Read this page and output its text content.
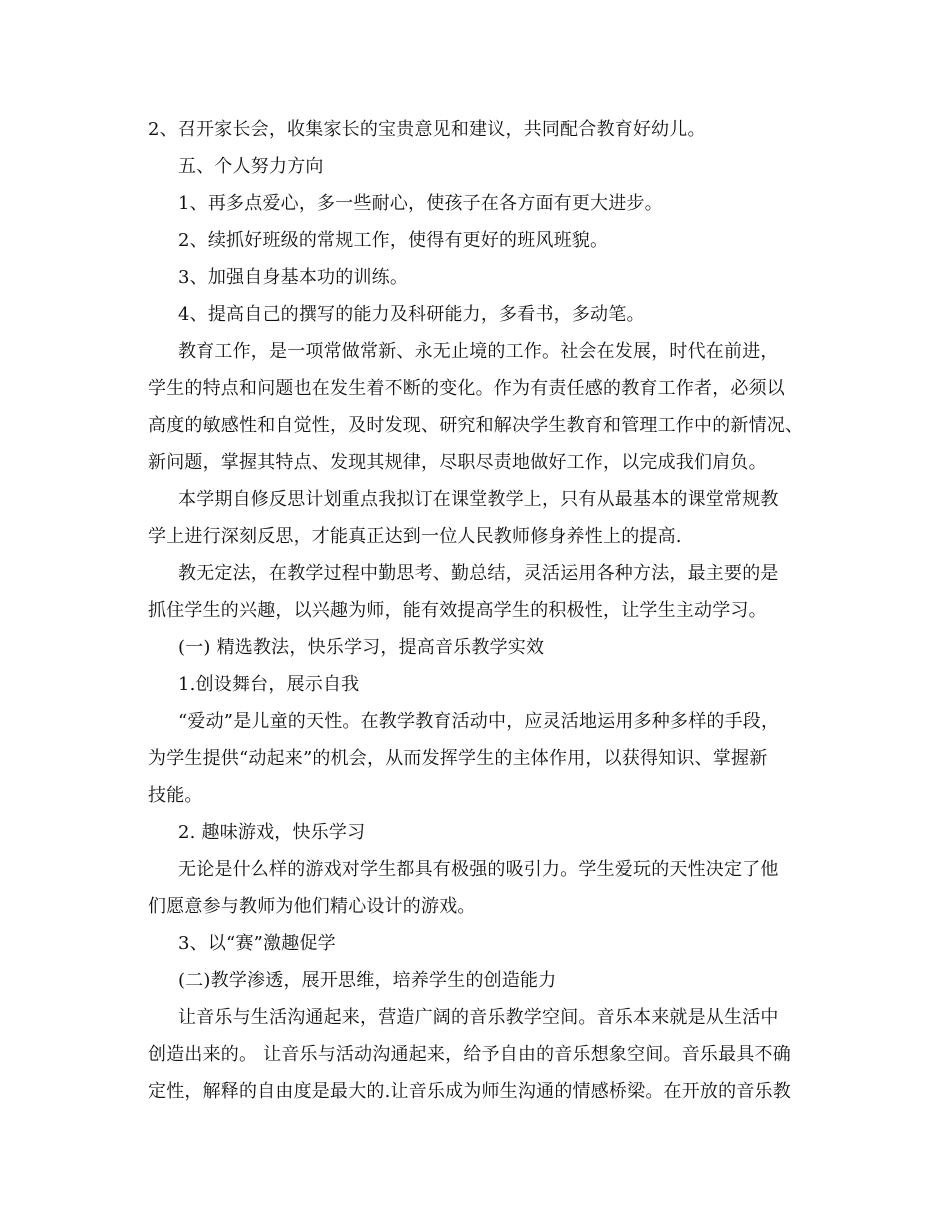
2、召开家长会，收集家长的宝贵意见和建议，共同配合教育好幼儿。
五、个人努力方向
1、再多点爱心，多一些耐心，使孩子在各方面有更大进步。
2、续抓好班级的常规工作，使得有更好的班风班貌。
3、加强自身基本功的训练。
4、提高自己的撰写的能力及科研能力，多看书，多动笔。
教育工作，是一项常做常新、永无止境的工作。社会在发展，时代在前进，
学生的特点和问题也在发生着不断的变化。作为有责任感的教育工作者，必须以
高度的敏感性和自觉性，及时发现、研究和解决学生教育和管理工作中的新情况、
新问题，掌握其特点、发现其规律，尽职尽责地做好工作，以完成我们肩负。
本学期自修反思计划重点我拟订在课堂教学上，只有从最基本的课堂常规教
学上进行深刻反思，才能真正达到一位人民教师修身养性上的提高.
教无定法，在教学过程中勤思考、勤总结，灵活运用各种方法，最主要的是
抓住学生的兴趣，以兴趣为师，能有效提高学生的积极性，让学生主动学习。
(一) 精选教法，快乐学习，提高音乐教学实效
1.创设舞台，展示自我
“爱动”是儿童的天性。在教学教育活动中，应灵活地运用多种多样的手段，
为学生提供“动起来”的机会，从而发挥学生的主体作用，以获得知识、掌握新
技能。
2. 趣味游戏，快乐学习
无论是什么样的游戏对学生都具有极强的吸引力。学生爱玩的天性决定了他
们愿意参与教师为他们精心设计的游戏。
3、以“赛”激趣促学
(二)教学渗透，展开思维，培养学生的创造能力
让音乐与生活沟通起来，营造广阔的音乐教学空间。音乐本来就是从生活中
创造出来的。 让音乐与活动沟通起来，给予自由的音乐想象空间。音乐最具不确
定性，解释的自由度是最大的.让音乐成为师生沟通的情感桥梁。在开放的音乐教
